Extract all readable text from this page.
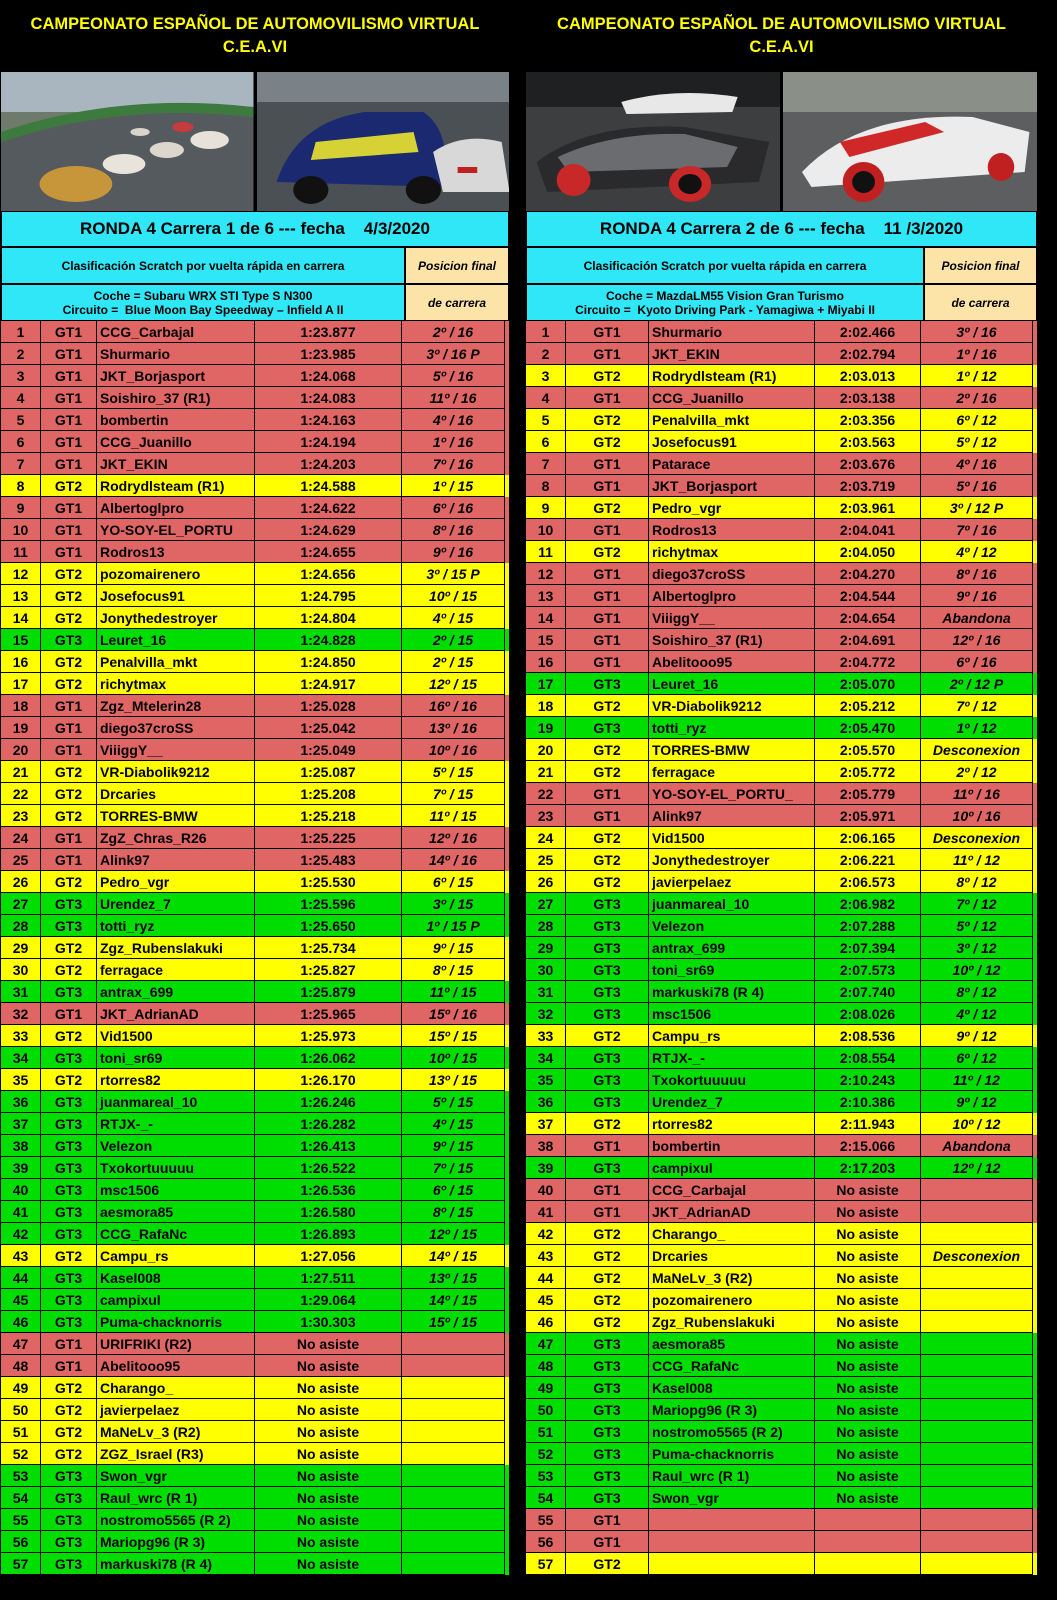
CAMPEONATO ESPAÑOL DE AUTOMOVILISMO VIRTUAL
C.E.A.VI
RONDA 4 Carrera 1 de 6 --- fecha    4/3/2020
Clasificación Scratch por vuelta rápida en carrera	Posicion final
Coche = Subaru WRX STI Type S N300
Circuito =  Blue Moon Bay Speedway – Infield A II	de carrera
1	GT1	CCG_Carbajal	1:23.877	2º / 16
2	GT1	Shurmario	1:23.985	3º / 16 P
3	GT1	JKT_Borjasport	1:24.068	5º / 16
4	GT1	Soishiro_37 (R1)	1:24.083	11º / 16
5	GT1	bombertin	1:24.163	4º / 16
6	GT1	CCG_Juanillo	1:24.194	1º / 16
7	GT1	JKT_EKIN	1:24.203	7º / 16
8	GT2	Rodrydlsteam (R1)	1:24.588	1º / 15
9	GT1	Albertoglpro	1:24.622	6º / 16
10	GT1	YO-SOY-EL_PORTU	1:24.629	8º / 16
11	GT1	Rodros13	1:24.655	9º / 16
12	GT2	pozomairenero	1:24.656	3º / 15 P
13	GT2	Josefocus91	1:24.795	10º / 15
14	GT2	Jonythedestroyer	1:24.804	4º / 15
15	GT3	Leuret_16	1:24.828	2º / 15
16	GT2	Penalvilla_mkt	1:24.850	2º / 15
17	GT2	richytmax	1:24.917	12º / 15
18	GT1	Zgz_Mtelerin28	1:25.028	16º / 16
19	GT1	diego37croSS	1:25.042	13º / 16
20	GT1	ViiiggY__	1:25.049	10º / 16
21	GT2	VR-Diabolik9212	1:25.087	5º / 15
22	GT2	Drcaries	1:25.208	7º / 15
23	GT2	TORRES-BMW	1:25.218	11º / 15
24	GT1	ZgZ_Chras_R26	1:25.225	12º / 16
25	GT1	Alink97	1:25.483	14º / 16
26	GT2	Pedro_vgr	1:25.530	6º / 15
27	GT3	Urendez_7	1:25.596	3º / 15
28	GT3	totti_ryz	1:25.650	1º / 15 P
29	GT2	Zgz_Rubenslakuki	1:25.734	9º / 15
30	GT2	ferragace	1:25.827	8º / 15
31	GT3	antrax_699	1:25.879	11º / 15
32	GT1	JKT_AdrianAD	1:25.965	15º / 16
33	GT2	Vid1500	1:25.973	15º / 15
34	GT3	toni_sr69	1:26.062	10º / 15
35	GT2	rtorres82	1:26.170	13º / 15
36	GT3	juanmareal_10	1:26.246	5º / 15
37	GT3	RTJX-_-	1:26.282	4º / 15
38	GT3	Velezon	1:26.413	9º / 15
39	GT3	Txokortuuuuu	1:26.522	7º / 15
40	GT3	msc1506	1:26.536	6º / 15
41	GT3	aesmora85	1:26.580	8º / 15
42	GT3	CCG_RafaNc	1:26.893	12º / 15
43	GT2	Campu_rs	1:27.056	14º / 15
44	GT3	Kasel008	1:27.511	13º / 15
45	GT3	campixul	1:29.064	14º / 15
46	GT3	Puma-chacknorris	1:30.303	15º / 15
47	GT1	URIFRIKI (R2)	No asiste
48	GT1	Abelitooo95	No asiste
49	GT2	Charango_	No asiste
50	GT2	javierpelaez	No asiste
51	GT2	MaNeLv_3 (R2)	No asiste
52	GT2	ZGZ_Israel (R3)	No asiste
53	GT3	Swon_vgr	No asiste
54	GT3	Raul_wrc (R 1)	No asiste
55	GT3	nostromo5565 (R 2)	No asiste
56	GT3	Mariopg96 (R 3)	No asiste
57	GT3	markuski78 (R 4)	No asiste
CAMPEONATO ESPAÑOL DE AUTOMOVILISMO VIRTUAL
C.E.A.VI
RONDA 4 Carrera 2 de 6 --- fecha    11 /3/2020
Clasificación Scratch por vuelta rápida en carrera	Posicion final
Coche = MazdaLM55 Vision Gran Turismo
Circuito =  Kyoto Driving Park - Yamagiwa + Miyabi II	de carrera
1	GT1	Shurmario	2:02.466	3º / 16
2	GT1	JKT_EKIN	2:02.794	1º / 16
3	GT2	Rodrydlsteam (R1)	2:03.013	1º / 12
4	GT1	CCG_Juanillo	2:03.138	2º / 16
5	GT2	Penalvilla_mkt	2:03.356	6º / 12
6	GT2	Josefocus91	2:03.563	5º / 12
7	GT1	Patarace	2:03.676	4º / 16
8	GT1	JKT_Borjasport	2:03.719	5º / 16
9	GT2	Pedro_vgr	2:03.961	3º / 12 P
10	GT1	Rodros13	2:04.041	7º / 16
11	GT2	richytmax	2:04.050	4º / 12
12	GT1	diego37croSS	2:04.270	8º / 16
13	GT1	Albertoglpro	2:04.544	9º / 16
14	GT1	ViiiggY__	2:04.654	Abandona
15	GT1	Soishiro_37 (R1)	2:04.691	12º / 16
16	GT1	Abelitooo95	2:04.772	6º / 16
17	GT3	Leuret_16	2:05.070	2º / 12 P
18	GT2	VR-Diabolik9212	2:05.212	7º / 12
19	GT3	totti_ryz	2:05.470	1º / 12
20	GT2	TORRES-BMW	2:05.570	Desconexion
21	GT2	ferragace	2:05.772	2º / 12
22	GT1	YO-SOY-EL_PORTU_	2:05.779	11º / 16
23	GT1	Alink97	2:05.971	10º / 16
24	GT2	Vid1500	2:06.165	Desconexion
25	GT2	Jonythedestroyer	2:06.221	11º / 12
26	GT2	javierpelaez	2:06.573	8º / 12
27	GT3	juanmareal_10	2:06.982	7º / 12
28	GT3	Velezon	2:07.288	5º / 12
29	GT3	antrax_699	2:07.394	3º / 12
30	GT3	toni_sr69	2:07.573	10º / 12
31	GT3	markuski78 (R 4)	2:07.740	8º / 12
32	GT3	msc1506	2:08.026	4º / 12
33	GT2	Campu_rs	2:08.536	9º / 12
34	GT3	RTJX-_-	2:08.554	6º / 12
35	GT3	Txokortuuuuu	2:10.243	11º / 12
36	GT3	Urendez_7	2:10.386	9º / 12
37	GT2	rtorres82	2:11.943	10º / 12
38	GT1	bombertin	2:15.066	Abandona
39	GT3	campixul	2:17.203	12º / 12
40	GT1	CCG_Carbajal	No asiste
41	GT1	JKT_AdrianAD	No asiste
42	GT2	Charango_	No asiste
43	GT2	Drcaries	No asiste	Desconexion
44	GT2	MaNeLv_3 (R2)	No asiste
45	GT2	pozomairenero	No asiste
46	GT2	Zgz_Rubenslakuki	No asiste
47	GT3	aesmora85	No asiste
48	GT3	CCG_RafaNc	No asiste
49	GT3	Kasel008	No asiste
50	GT3	Mariopg96 (R 3)	No asiste
51	GT3	nostromo5565 (R 2)	No asiste
52	GT3	Puma-chacknorris	No asiste
53	GT3	Raul_wrc (R 1)	No asiste
54	GT3	Swon_vgr	No asiste
55	GT1
56	GT1
57	GT2
